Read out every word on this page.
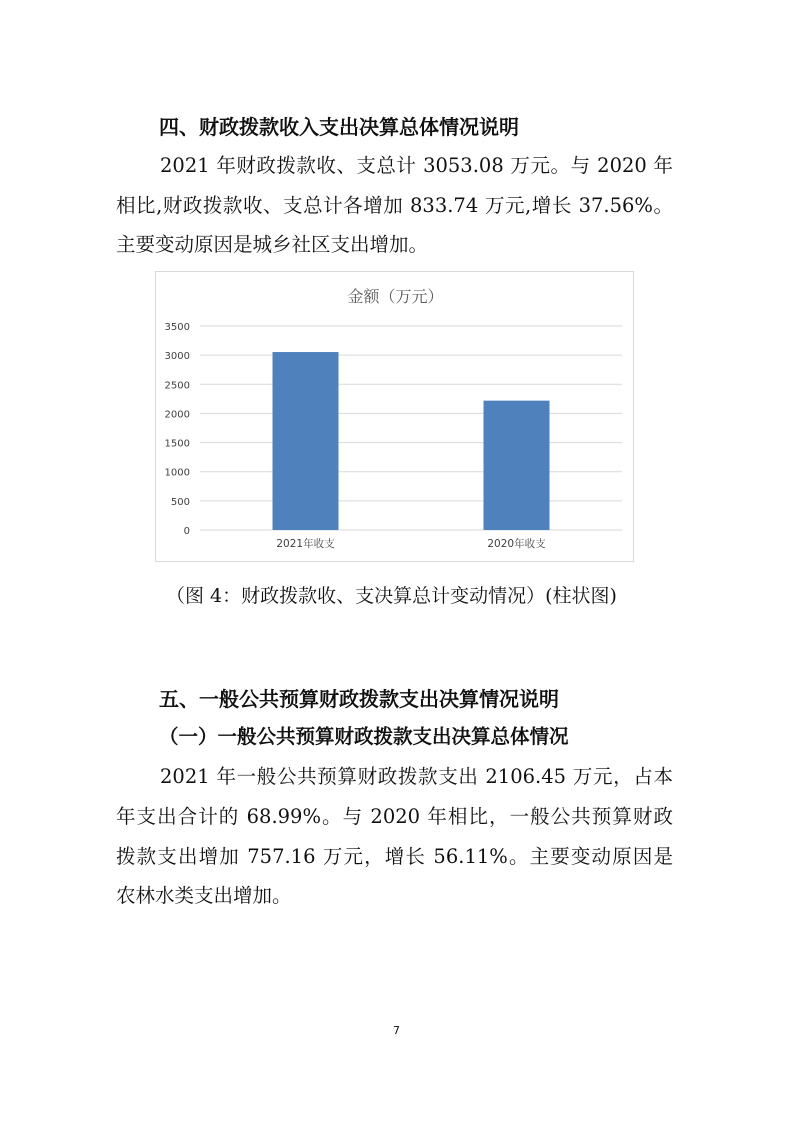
四、财政拨款收入支出决算总体情况说明
2021 年财政拨款收、支总计 3053.08 万元。与 2020 年
相比,财政拨款收、支总计各增加 833.74 万元,增长 37.56%。
主要变动原因是城乡社区支出增加。
金额（万元）
0
500
1000
1500
2000
2500
3000
3500
2021年收支	2020年收支
（图 4：财政拨款收、支决算总计变动情况）(柱状图)
五、一般公共预算财政拨款支出决算情况说明
（一）一般公共预算财政拨款支出决算总体情况
2021 年一般公共预算财政拨款支出 2106.45 万元，占本
年支出合计的 68.99%。与 2020 年相比，一般公共预算财政
拨款支出增加 757.16 万元，增长 56.11%。主要变动原因是
农林水类支出增加。
7
